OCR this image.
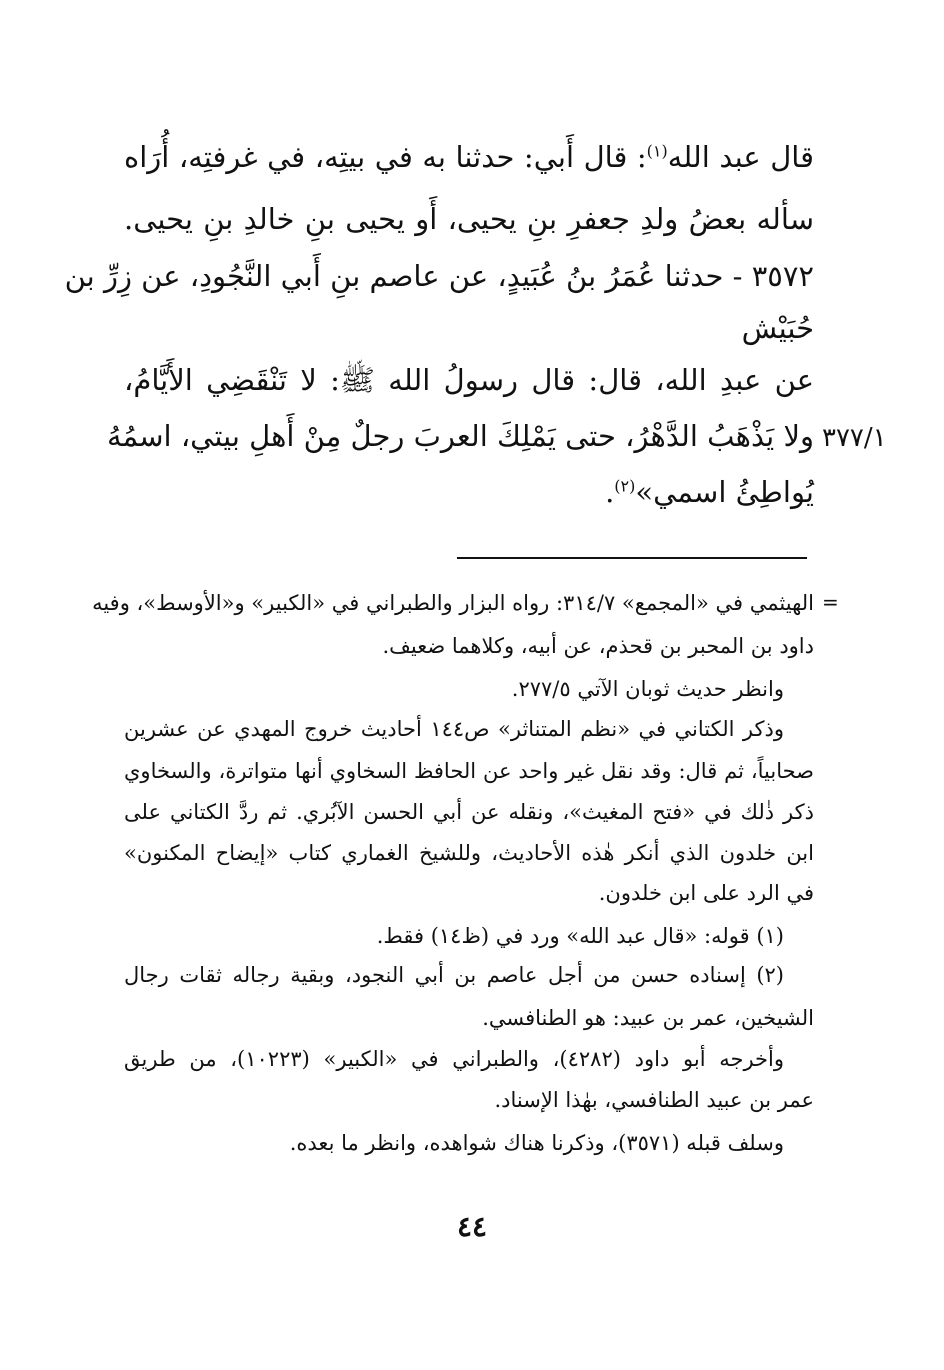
قال عبد الله$^{(١)}$: قال أَبي: حدثنا به في بيتِه، في غرفتِه، أُرَاه
سأله بعضُ ولدِ جعفرِ بنِ يحيى، أَو يحيى بنِ خالدِ بنِ يحيى.
٣٥٧٢ - حدثنا عُمَرُ بنُ عُبَيدٍ، عن عاصم بنِ أَبي النَّجُودِ، عن زِرِّ بن
حُبَيْش
عن عبدِ الله، قال: قال رسولُ الله ﷺ: لا تَنْقَضِي الأَيَّامُ،
ولا يَذْهَبُ الدَّهْرُ، حتى يَمْلِكَ العربَ رجلٌ مِنْ أَهلِ بيتي، اسمُهُ
يُواطِئُ اسمي»$^{(٢)}$.
٣٧٧/١
=
الهيثمي في «المجمع» ٣١٤/٧: رواه البزار والطبراني في «الكبير» و«الأوسط»، وفيه
داود بن المحبر بن قحذم، عن أبيه، وكلاهما ضعيف.
وانظر حديث ثوبان الآتي ٢٧٧/٥.
وذكر الكتاني في «نظم المتناثر» ص١٤٤ أحاديث خروج المهدي عن عشرين
صحابياً، ثم قال: وقد نقل غير واحد عن الحافظ السخاوي أنها متواترة، والسخاوي
ذكر ذٰلك في «فتح المغيث»، ونقله عن أبي الحسن الآبُري. ثم ردَّ الكتاني على
ابن خلدون الذي أنكر هٰذه الأحاديث، وللشيخ الغماري كتاب «إيضاح المكنون»
في الرد على ابن خلدون.
(١) قوله: «قال عبد الله» ورد في (ظ١٤) فقط.
(٢) إسناده حسن من أجل عاصم بن أبي النجود، وبقية رجاله ثقات رجال
الشيخين، عمر بن عبيد: هو الطنافسي.
وأخرجه أبو داود (٤٢٨٢)، والطبراني في «الكبير» (١٠٢٢٣)، من طريق
عمر بن عبيد الطنافسي، بهٰذا الإسناد.
وسلف قبله (٣٥٧١)، وذكرنا هناك شواهده، وانظر ما بعده.
٤٤
